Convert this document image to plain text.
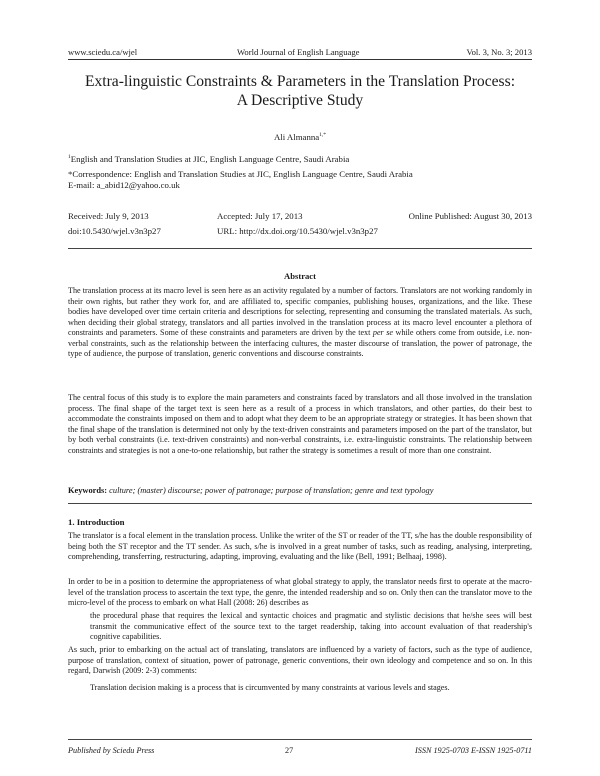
www.sciedu.ca/wjel	World Journal of English Language	Vol. 3, No. 3; 2013
Extra-linguistic Constraints & Parameters in the Translation Process:
A Descriptive Study
Ali Almanna$^{1,*}$
$^1$English and Translation Studies at JIC, English Language Centre, Saudi Arabia
*Correspondence: English and Translation Studies at JIC, English Language Centre, Saudi Arabia
E-mail: a_abid12@yahoo.co.uk
Received: July 9, 2013	Accepted: July 17, 2013	Online Published: August 30, 2013
doi:10.5430/wjel.v3n3p27	URL: http://dx.doi.org/10.5430/wjel.v3n3p27
Abstract
The translation process at its macro level is seen here as an activity regulated by a number of factors. Translators are not working randomly in their own rights, but rather they work for, and are affiliated to, specific companies, publishing houses, organizations, and the like. These bodies have developed over time certain criteria and descriptions for selecting, representing and consuming the translated materials. As such, when deciding their global strategy, translators and all parties involved in the translation process at its macro level encounter a plethora of constraints and parameters. Some of these constraints and parameters are driven by the text per se while others come from outside, i.e. non-verbal constraints, such as the relationship between the interfacing cultures, the master discourse of translation, the power of patronage, the type of audience, the purpose of translation, generic conventions and discourse constraints.
The central focus of this study is to explore the main parameters and constraints faced by translators and all those involved in the translation process. The final shape of the target text is seen here as a result of a process in which translators, and other parties, do their best to accommodate the constraints imposed on them and to adopt what they deem to be an appropriate strategy or strategies. It has been shown that the final shape of the translation is determined not only by the text-driven constraints and parameters imposed on the part of the translator, but by both verbal constraints (i.e. text-driven constraints) and non-verbal constraints, i.e. extra-linguistic constraints. The relationship between constraints and strategies is not a one-to-one relationship, but rather the strategy is sometimes a result of more than one constraint.
Keywords: culture; (master) discourse; power of patronage; purpose of translation; genre and text typology
1. Introduction
The translator is a focal element in the translation process. Unlike the writer of the ST or reader of the TT, s/he has the double responsibility of being both the ST receptor and the TT sender. As such, s/he is involved in a great number of tasks, such as reading, analysing, interpreting, comprehending, transferring, restructuring, adapting, improving, evaluating and the like (Bell, 1991; Belhaaj, 1998).
In order to be in a position to determine the appropriateness of what global strategy to apply, the translator needs first to operate at the macro-level of the translation process to ascertain the text type, the genre, the intended readership and so on. Only then can the translator move to the micro-level of the process to embark on what Hall (2008: 26) describes as
the procedural phase that requires the lexical and syntactic choices and pragmatic and stylistic decisions that he/she sees will best transmit the communicative effect of the source text to the target readership, taking into account evaluation of that readership's cognitive capabilities.
As such, prior to embarking on the actual act of translating, translators are influenced by a variety of factors, such as the type of audience, purpose of translation, context of situation, power of patronage, generic conventions, their own ideology and competence and so on. In this regard, Darwish (2009: 2-3) comments:
Translation decision making is a process that is circumvented by many constraints at various levels and stages.
Published by Sciedu Press	27	ISSN 1925-0703 E-ISSN 1925-0711
